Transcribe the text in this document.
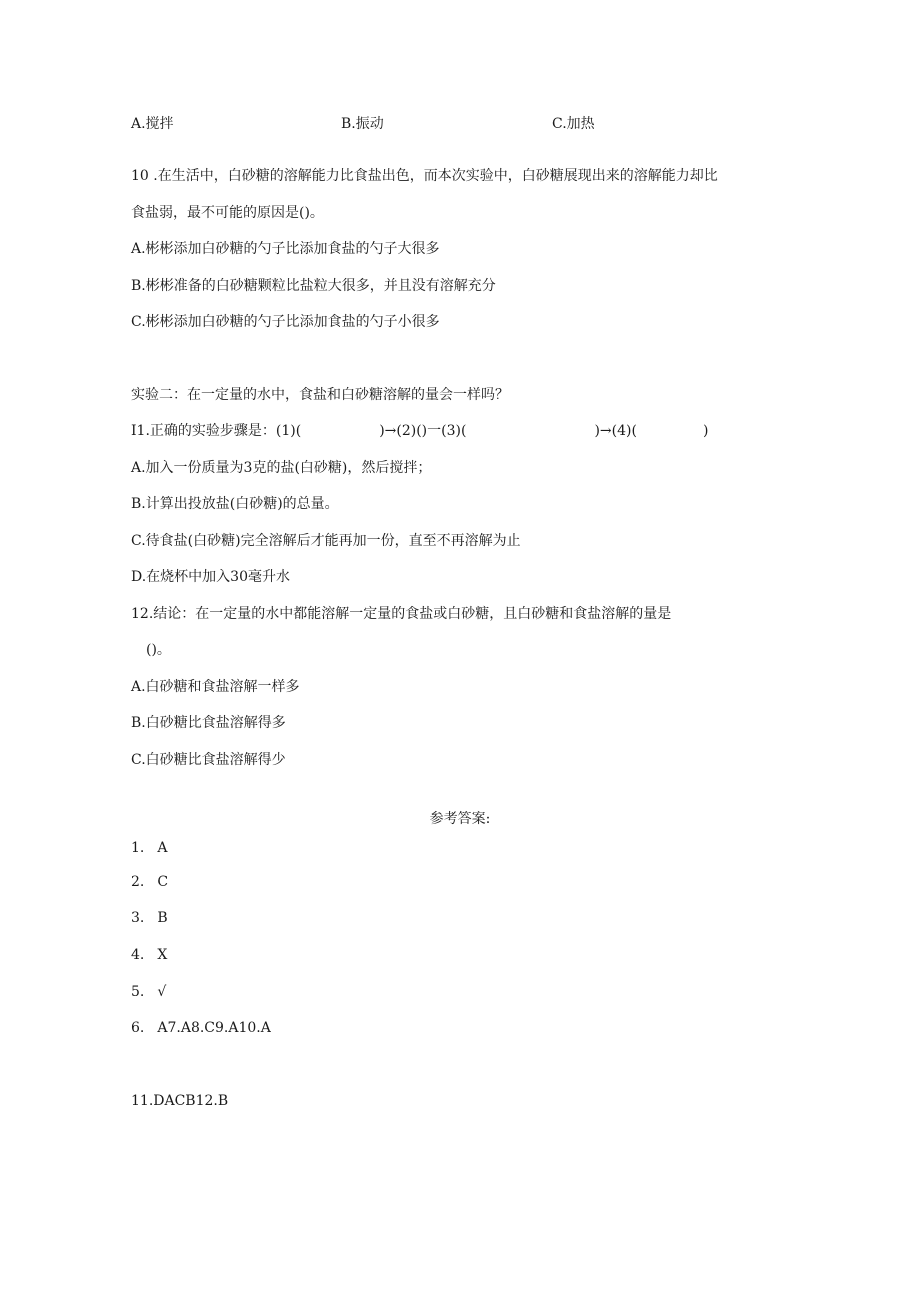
A.搅拌	B.振动	C.加热
10 .在生活中，白砂糖的溶解能力比食盐出色，而本次实验中，白砂糖展现出来的溶解能力却比
食盐弱，最不可能的原因是()。
A.彬彬添加白砂糖的勺子比添加食盐的勺子大很多
B.彬彬准备的白砂糖颗粒比盐粒大很多，并且没有溶解充分
C.彬彬添加白砂糖的勺子比添加食盐的勺子小很多
实验二：在一定量的水中，食盐和白砂糖溶解的量会一样吗？
I1.正确的实验步骤是：(1)(	)→(2)()一(3)(	)→(4)(	)
A.加入一份质量为3克的盐(白砂糖)，然后搅拌；
B.计算出投放盐(白砂糖)的总量。
C.待食盐(白砂糖)完全溶解后才能再加一份，直至不再溶解为止
D.在烧杯中加入30毫升水
12.结论：在一定量的水中都能溶解一定量的食盐或白砂糖，且白砂糖和食盐溶解的量是
()。
A.白砂糖和食盐溶解一样多
B.白砂糖比食盐溶解得多
C.白砂糖比食盐溶解得少
参考答案:
1. A
2. C
3. B
4. X
5. √
6. A7.A8.C9.A10.A
11.DACB12.B
